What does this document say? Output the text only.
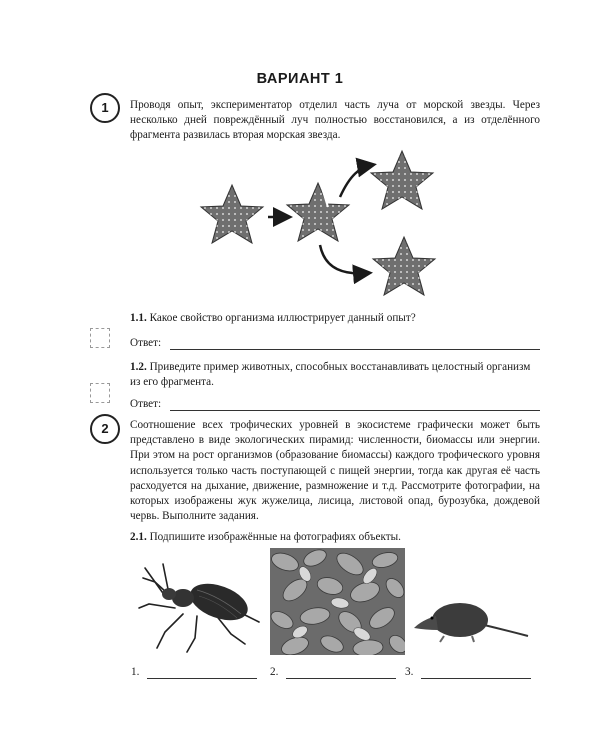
ВАРИАНТ 1
1	Проводя опыт, экспериментатор отделил часть луча от морской звезды. Через несколько дней повреждённый луч полностью восстановился, а из отделённого фрагмента развилась вторая морская звезда.
1.1. Какое свойство организма иллюстрирует данный опыт?
Ответ:
1.2. Приведите пример животных, способных восстанавливать целостный организм из его фрагмента.
Ответ:
2	Соотношение всех трофических уровней в экосистеме графически может быть представлено в виде экологических пирамид: численности, биомассы или энергии. При этом на рост организмов (образование биомассы) каждого трофического уровня используется только часть поступающей с пищей энергии, тогда как другая её часть расходуется на дыхание, движение, размножение и т.д. Рассмотрите фотографии, на которых изображены жук жужелица, лисица, листовой опад, бурозубка, дождевой червь. Выполните задания.
2.1. Подпишите изображённые на фотографиях объекты.
1.	2.	3.
